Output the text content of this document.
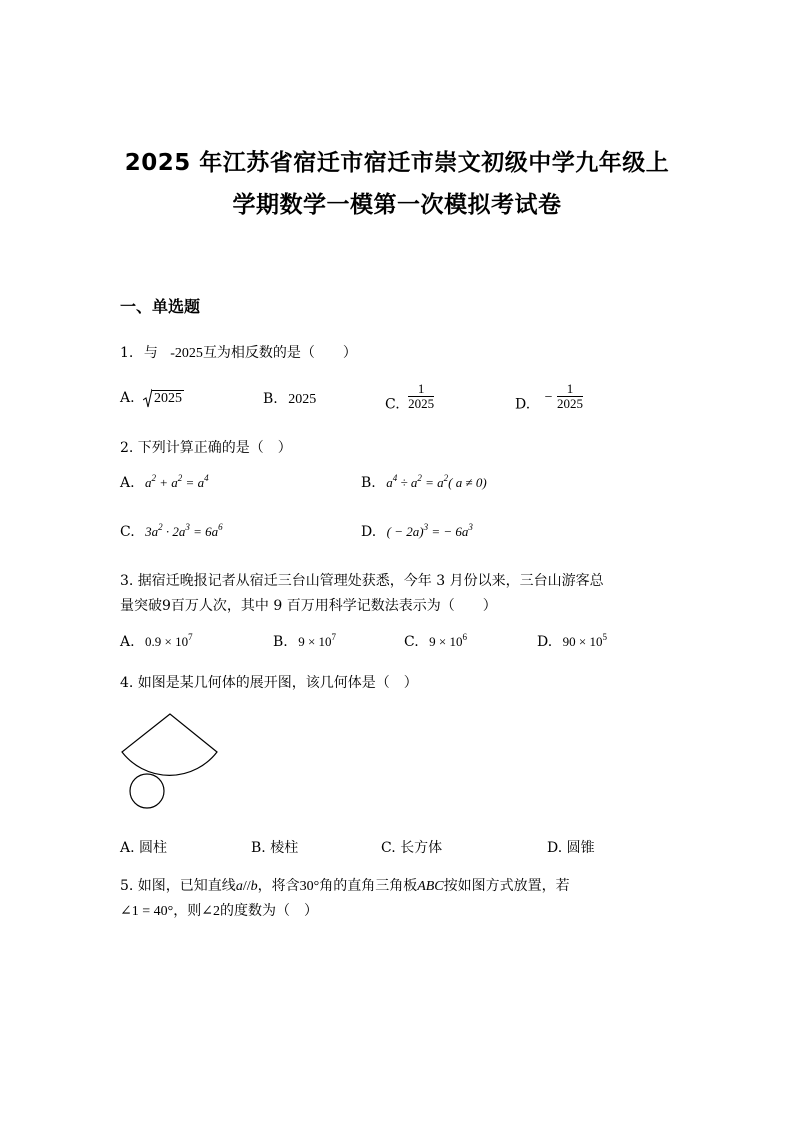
2025 年江苏省宿迁市宿迁市崇文初级中学九年级上
学期数学一模第一次模拟考试卷
一、单选题
1. 与 -2025互为相反数的是（　　）
A. 2025	B. 2025	C. $\frac{1}{2025}$	D. − $\frac{1}{2025}$
2. 下列计算正确的是（　）
A. $a^2 + a^2 = a^4$	B. $a^4 \div a^2 = a^2$( a ≠ 0)
C. $3a^2 \cdot 2a^3 = 6a^6$	D. ( − 2a)$^3$ = − $6a^3$
3. 据宿迁晚报记者从宿迁三台山管理处获悉，今年 3 月份以来，三台山游客总
量突破9百万人次，其中 9 百万用科学记数法表示为（　　）
A. $0.9 \times 10^7$	B. $9 \times 10^7$	C. $9 \times 10^6$	D. $90 \times 10^5$
4. 如图是某几何体的展开图，该几何体是（　）
A. 圆柱	B. 棱柱	C. 长方体	D. 圆锥
5. 如图，已知直线a//b，将含30°角的直角三角板ABC按如图方式放置，若
∠1 = 40°，则∠2的度数为（　）
